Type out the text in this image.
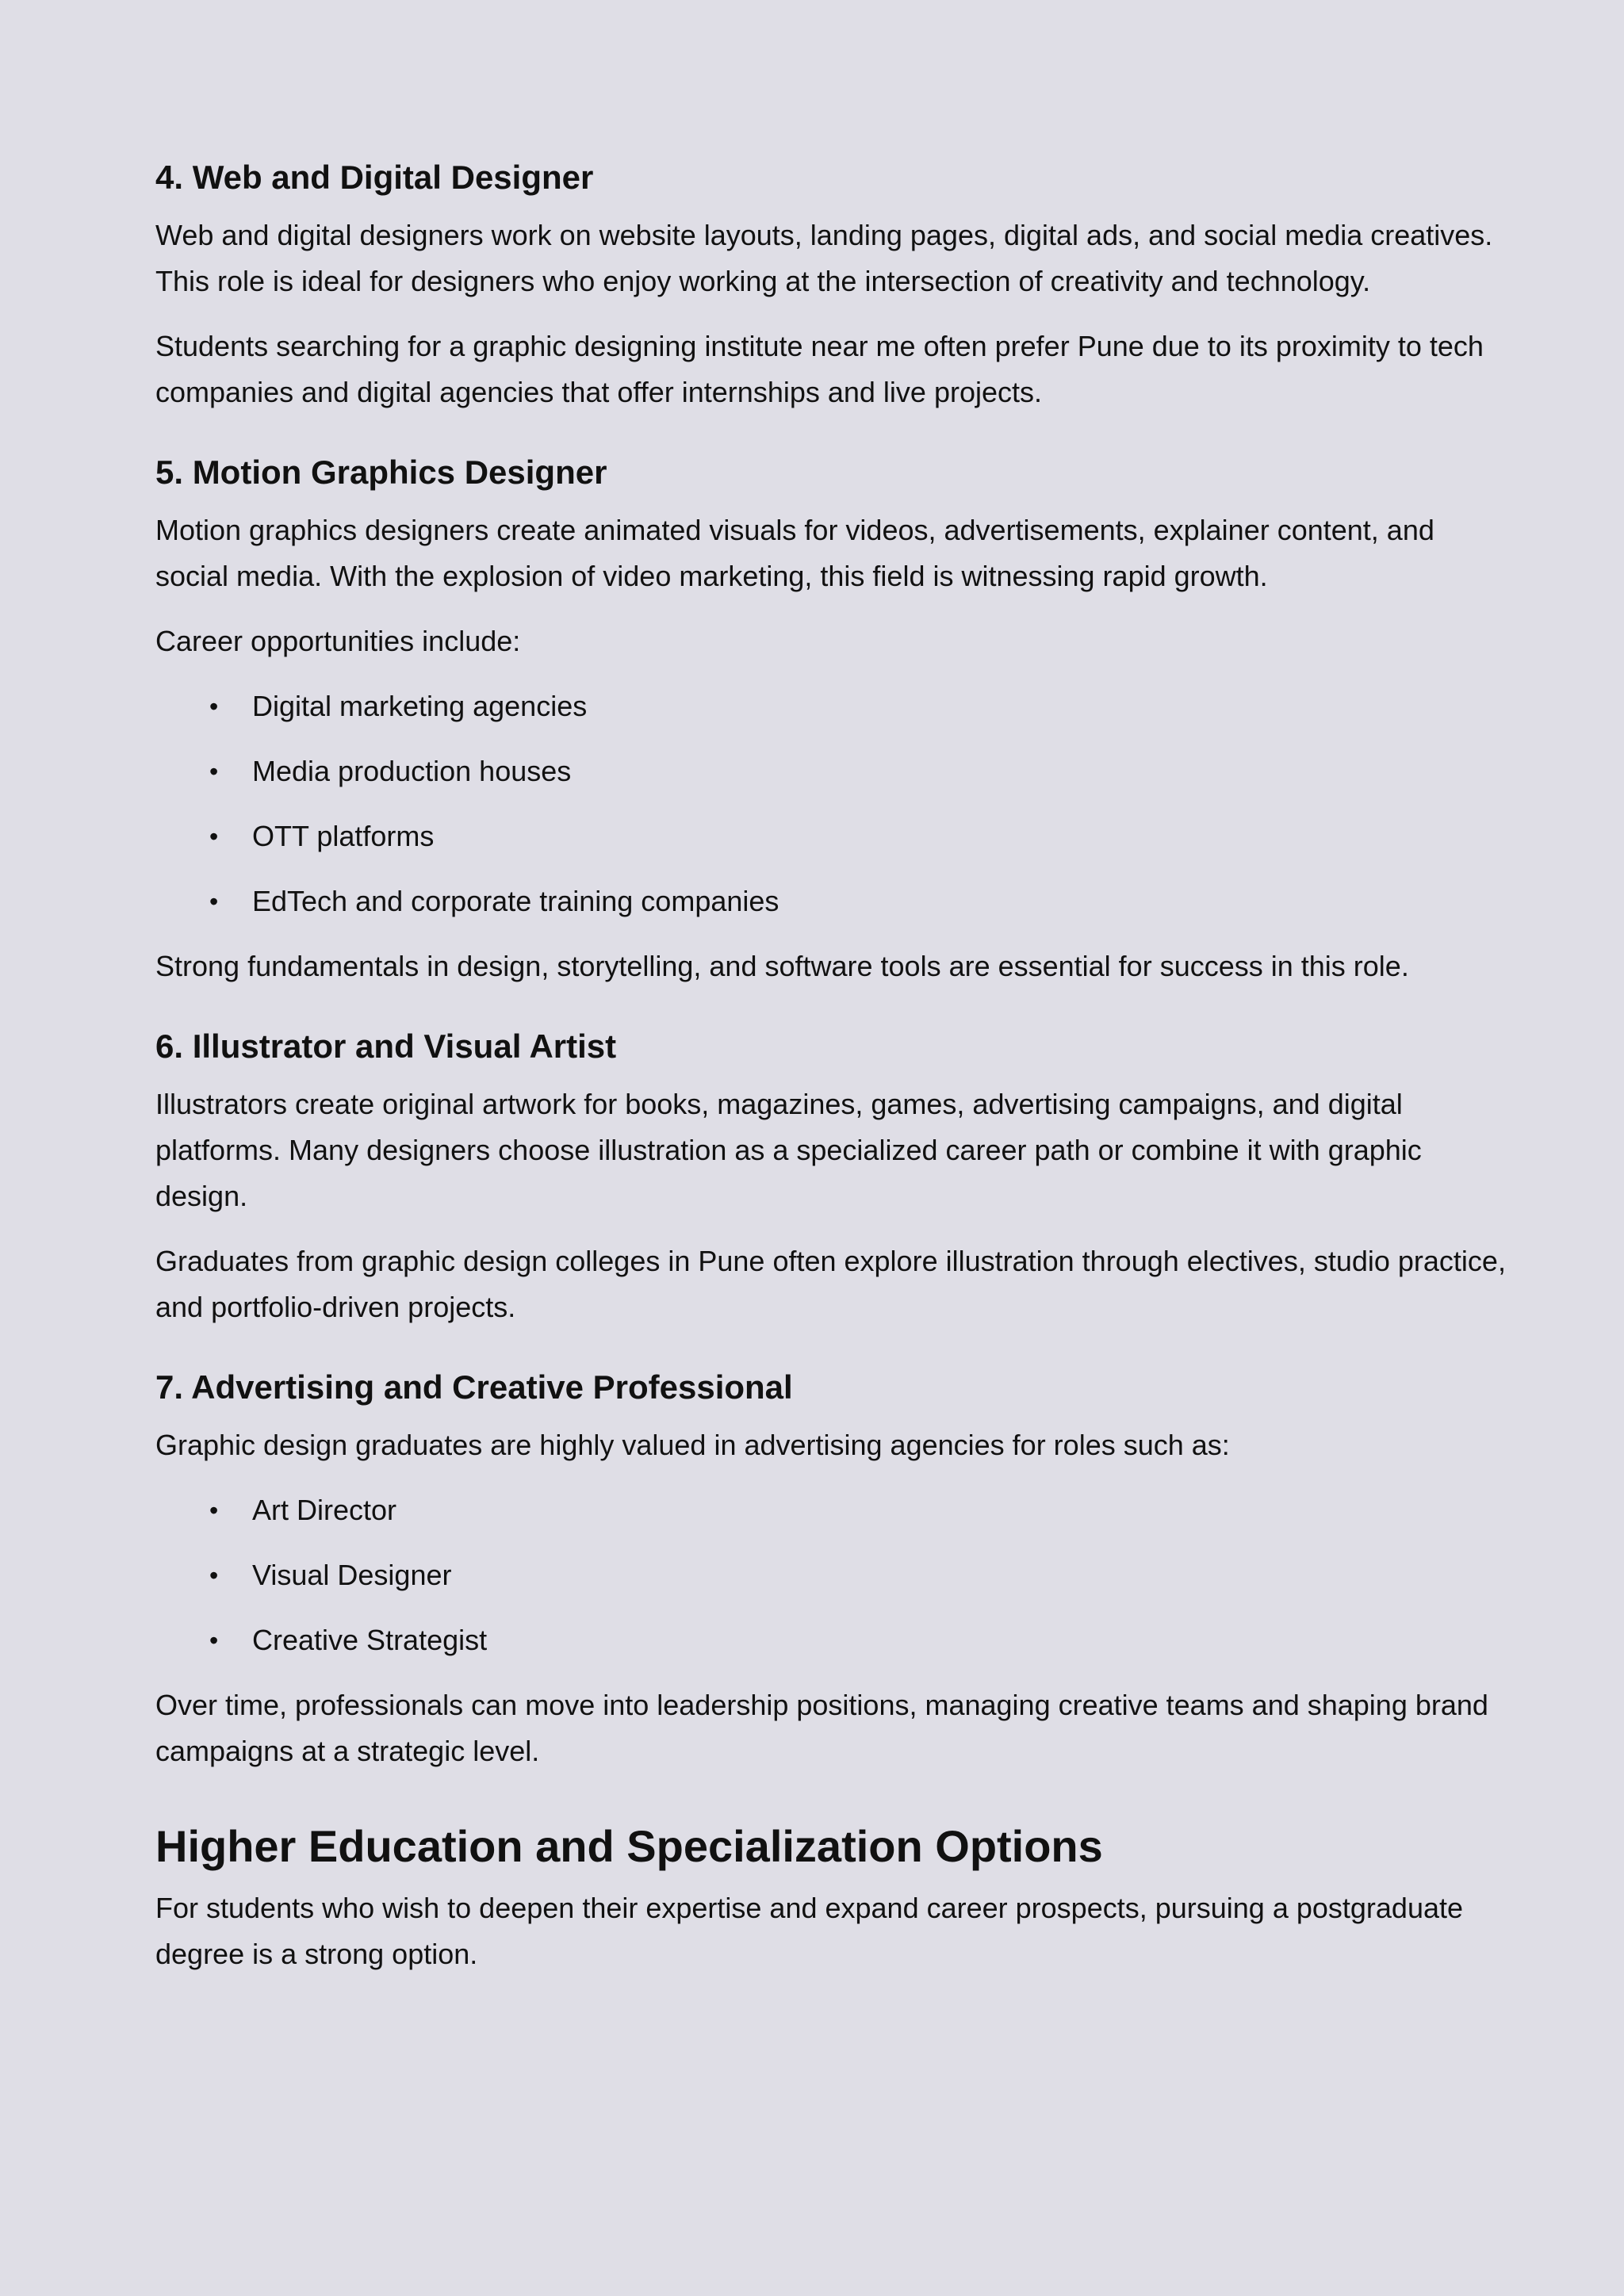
4. Web and Digital Designer

Web and digital designers work on website layouts, landing pages, digital ads, and social media creatives. This role is ideal for designers who enjoy working at the intersection of creativity and technology.

Students searching for a graphic designing institute near me often prefer Pune due to its proximity to tech companies and digital agencies that offer internships and live projects.

5. Motion Graphics Designer

Motion graphics designers create animated visuals for videos, advertisements, explainer content, and social media. With the explosion of video marketing, this field is witnessing rapid growth.

Career opportunities include:

• Digital marketing agencies
• Media production houses
• OTT platforms
• EdTech and corporate training companies

Strong fundamentals in design, storytelling, and software tools are essential for success in this role.

6. Illustrator and Visual Artist

Illustrators create original artwork for books, magazines, games, advertising campaigns, and digital platforms. Many designers choose illustration as a specialized career path or combine it with graphic design.

Graduates from graphic design colleges in Pune often explore illustration through electives, studio practice, and portfolio-driven projects.

7. Advertising and Creative Professional

Graphic design graduates are highly valued in advertising agencies for roles such as:

• Art Director
• Visual Designer
• Creative Strategist

Over time, professionals can move into leadership positions, managing creative teams and shaping brand campaigns at a strategic level.

Higher Education and Specialization Options

For students who wish to deepen their expertise and expand career prospects, pursuing a postgraduate degree is a strong option.
